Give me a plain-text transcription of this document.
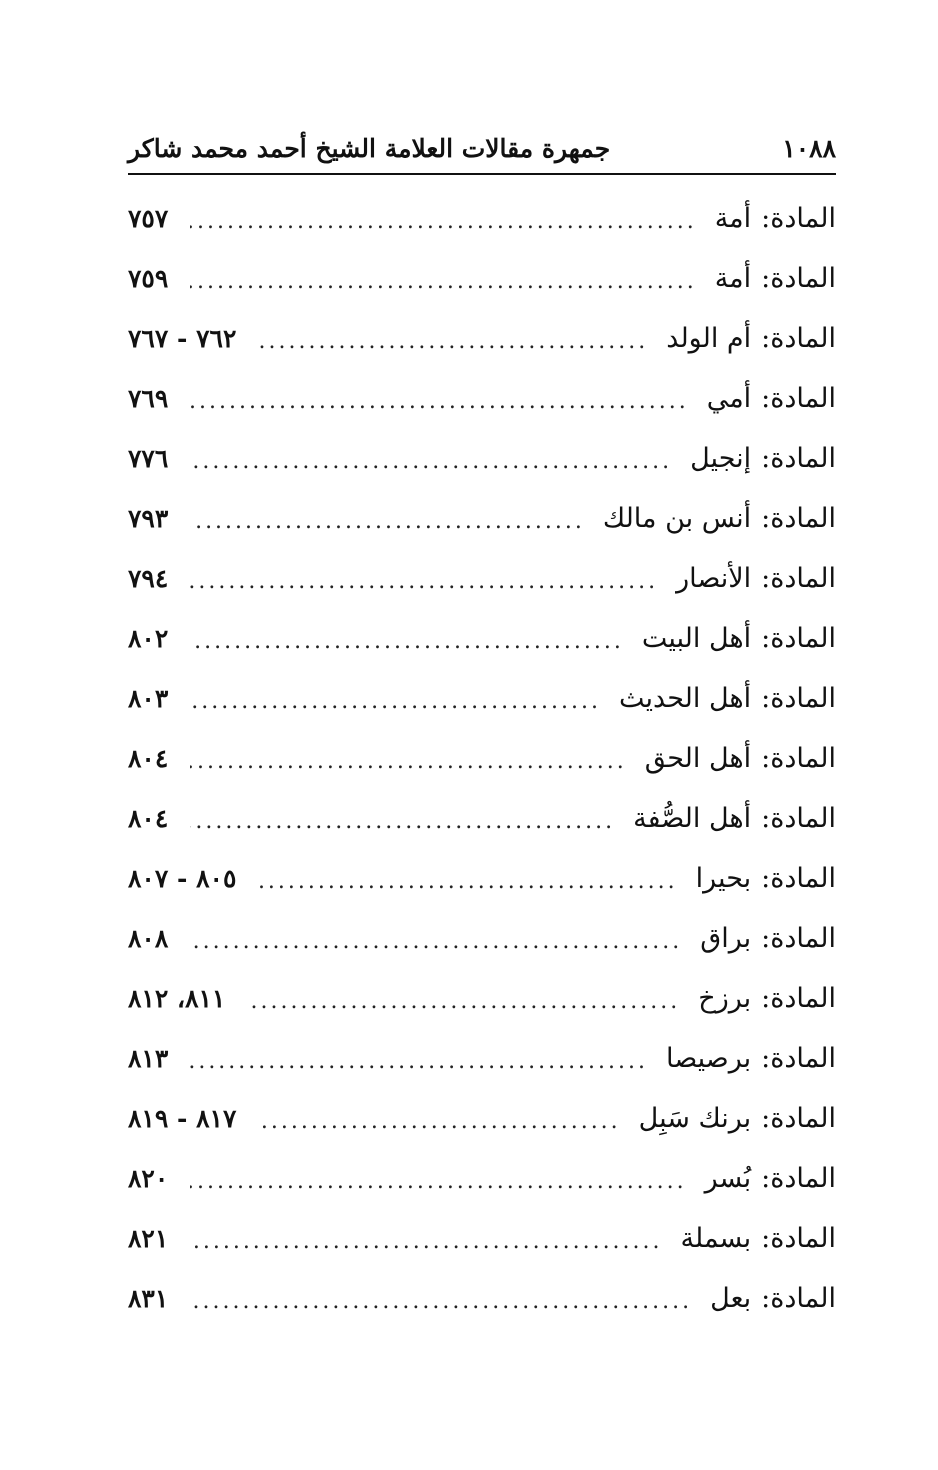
١٠٨٨
جمهرة مقالات العلامة الشيخ أحمد محمد شاكر
المادة
:
أمة
.....
٧٥٧
المادة
:
أمة
.....
٧٥٩
المادة
:
أم الولد
.....
٧٦٢ - ٧٦٧
المادة
:
أمي
.....
٧٦٩
المادة
:
إنجيل
.....
٧٧٦
المادة
:
أنس بن مالك
.....
٧٩٣
المادة
:
الأنصار
.....
٧٩٤
المادة
:
أهل البيت
.....
٨٠٢
المادة
:
أهل الحديث
.....
٨٠٣
المادة
:
أهل الحق
.....
٨٠٤
المادة
:
أهل الصُّفة
.....
٨٠٤
المادة
:
بحيرا
.....
٨٠٥ - ٨٠٧
المادة
:
براق
.....
٨٠٨
المادة
:
برزخ
.....
٨١١، ٨١٢
المادة
:
برصيصا
.....
٨١٣
المادة
:
برنك سَبِل
.....
٨١٧ - ٨١٩
المادة
:
بُسر
.....
٨٢٠
المادة
:
بسملة
.....
٨٢١
المادة
:
بعل
.....
٨٣١
